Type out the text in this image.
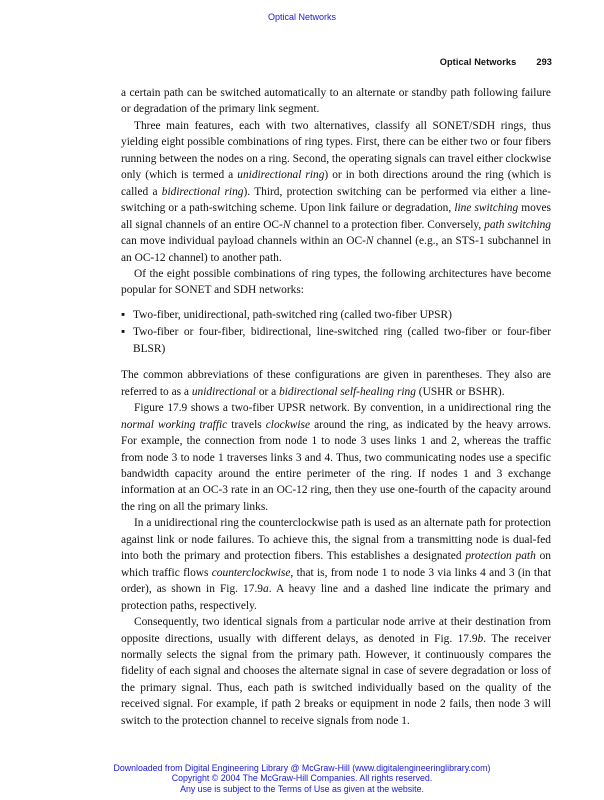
Optical Networks
Optical Networks 293

a certain path can be switched automatically to an alternate or standby path following failure or degradation of the primary link segment.

Three main features, each with two alternatives, classify all SONET/SDH rings, thus yielding eight possible combinations of ring types. First, there can be either two or four fibers running between the nodes on a ring. Second, the operating signals can travel either clockwise only (which is termed a unidirectional ring) or in both directions around the ring (which is called a bidirectional ring). Third, protection switching can be performed via either a line-switching or a path-switching scheme. Upon link failure or degradation, line switching moves all signal channels of an entire OC-N channel to a protection fiber. Conversely, path switching can move individual payload channels within an OC-N channel (e.g., an STS-1 subchannel in an OC-12 channel) to another path.

Of the eight possible combinations of ring types, the following architectures have become popular for SONET and SDH networks:

▪ Two-fiber, unidirectional, path-switched ring (called two-fiber UPSR)
▪ Two-fiber or four-fiber, bidirectional, line-switched ring (called two-fiber or four-fiber BLSR)

The common abbreviations of these configurations are given in parentheses. They also are referred to as a unidirectional or a bidirectional self-healing ring (USHR or BSHR).

Figure 17.9 shows a two-fiber UPSR network. By convention, in a unidirectional ring the normal working traffic travels clockwise around the ring, as indicated by the heavy arrows. For example, the connection from node 1 to node 3 uses links 1 and 2, whereas the traffic from node 3 to node 1 traverses links 3 and 4. Thus, two communicating nodes use a specific bandwidth capacity around the entire perimeter of the ring. If nodes 1 and 3 exchange information at an OC-3 rate in an OC-12 ring, then they use one-fourth of the capacity around the ring on all the primary links.

In a unidirectional ring the counterclockwise path is used as an alternate path for protection against link or node failures. To achieve this, the signal from a transmitting node is dual-fed into both the primary and protection fibers. This establishes a designated protection path on which traffic flows counterclockwise, that is, from node 1 to node 3 via links 4 and 3 (in that order), as shown in Fig. 17.9a. A heavy line and a dashed line indicate the primary and protection paths, respectively.

Consequently, two identical signals from a particular node arrive at their destination from opposite directions, usually with different delays, as denoted in Fig. 17.9b. The receiver normally selects the signal from the primary path. However, it continuously compares the fidelity of each signal and chooses the alternate signal in case of severe degradation or loss of the primary signal. Thus, each path is switched individually based on the quality of the received signal. For example, if path 2 breaks or equipment in node 2 fails, then node 3 will switch to the protection channel to receive signals from node 1.

Downloaded from Digital Engineering Library @ McGraw-Hill (www.digitalengineeringlibrary.com)
Copyright © 2004 The McGraw-Hill Companies. All rights reserved.
Any use is subject to the Terms of Use as given at the website.
